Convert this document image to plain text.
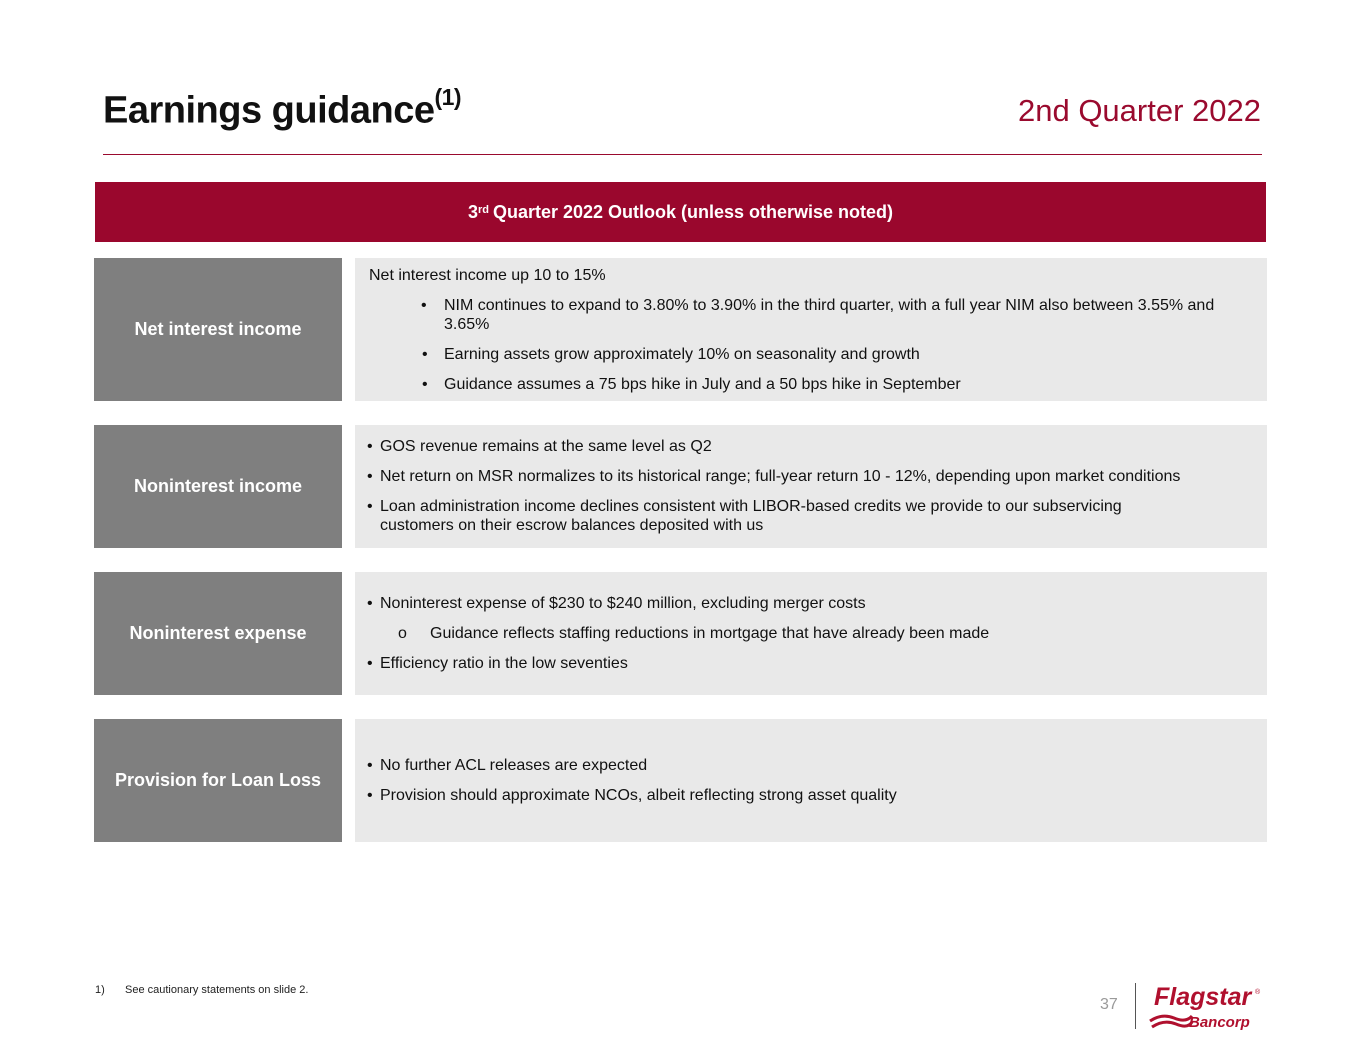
Earnings guidance$^{(1)}$	2nd Quarter 2022
3rd Quarter 2022 Outlook (unless otherwise noted)
Net interest income
Net interest income up 10 to 15%
• NIM continues to expand to 3.80% to 3.90% in the third quarter, with a full year NIM also between 3.55% and 3.65%
• Earning assets grow approximately 10% on seasonality and growth
• Guidance assumes a 75 bps hike in July and a 50 bps hike in September
Noninterest income
• GOS revenue remains at the same level as Q2
• Net return on MSR normalizes to its historical range; full-year return 10 - 12%, depending upon market conditions
• Loan administration income declines consistent with LIBOR-based credits we provide to our subservicing customers on their escrow balances deposited with us
Noninterest expense
• Noninterest expense of $230 to $240 million, excluding merger costs
o Guidance reflects staffing reductions in mortgage that have already been made
• Efficiency ratio in the low seventies
Provision for Loan Loss
• No further ACL releases are expected
• Provision should approximate NCOs, albeit reflecting strong asset quality
1) See cautionary statements on slide 2.
37 Flagstar ®
Bancorp
